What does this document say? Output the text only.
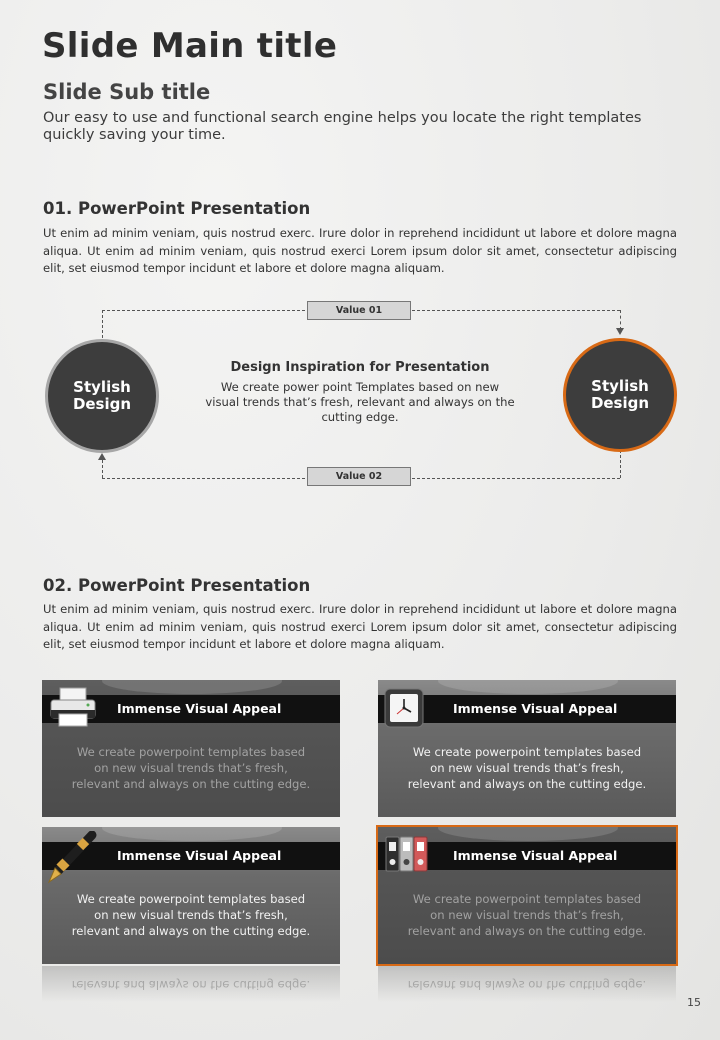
Slide Main title
Slide Sub title
Our easy to use and functional search engine helps you locate the right templates quickly saving your time.
01. PowerPoint Presentation
Ut enim ad minim veniam, quis nostrud exerc. Irure dolor in reprehend incididunt ut labore et dolore magna aliqua. Ut enim ad minim veniam, quis nostrud exerci Lorem ipsum dolor sit amet, consectetur adipiscing elit, set eiusmod tempor incidunt et labore et dolore magna aliquam.
Value 01
Value 02
Stylish Design
Stylish Design
Design Inspiration for Presentation
We create power point Templates based on new visual trends that’s fresh, relevant and always on the cutting edge.
02. PowerPoint Presentation
Ut enim ad minim veniam, quis nostrud exerc. Irure dolor in reprehend incididunt ut labore et dolore magna aliqua. Ut enim ad minim veniam, quis nostrud exerci Lorem ipsum dolor sit amet, consectetur adipiscing elit, set eiusmod tempor incidunt et labore et dolore magna aliquam.
Immense Visual Appeal
We create powerpoint templates based
on new visual trends that’s fresh,
relevant and always on the cutting edge.
Immense Visual Appeal
We create powerpoint templates based
on new visual trends that’s fresh,
relevant and always on the cutting edge.
Immense Visual Appeal
We create powerpoint templates based
on new visual trends that’s fresh,
relevant and always on the cutting edge.
Immense Visual Appeal
We create powerpoint templates based
on new visual trends that’s fresh,
relevant and always on the cutting edge.
relevant and always on the cutting edge.	relevant and always on the cutting edge.
15
